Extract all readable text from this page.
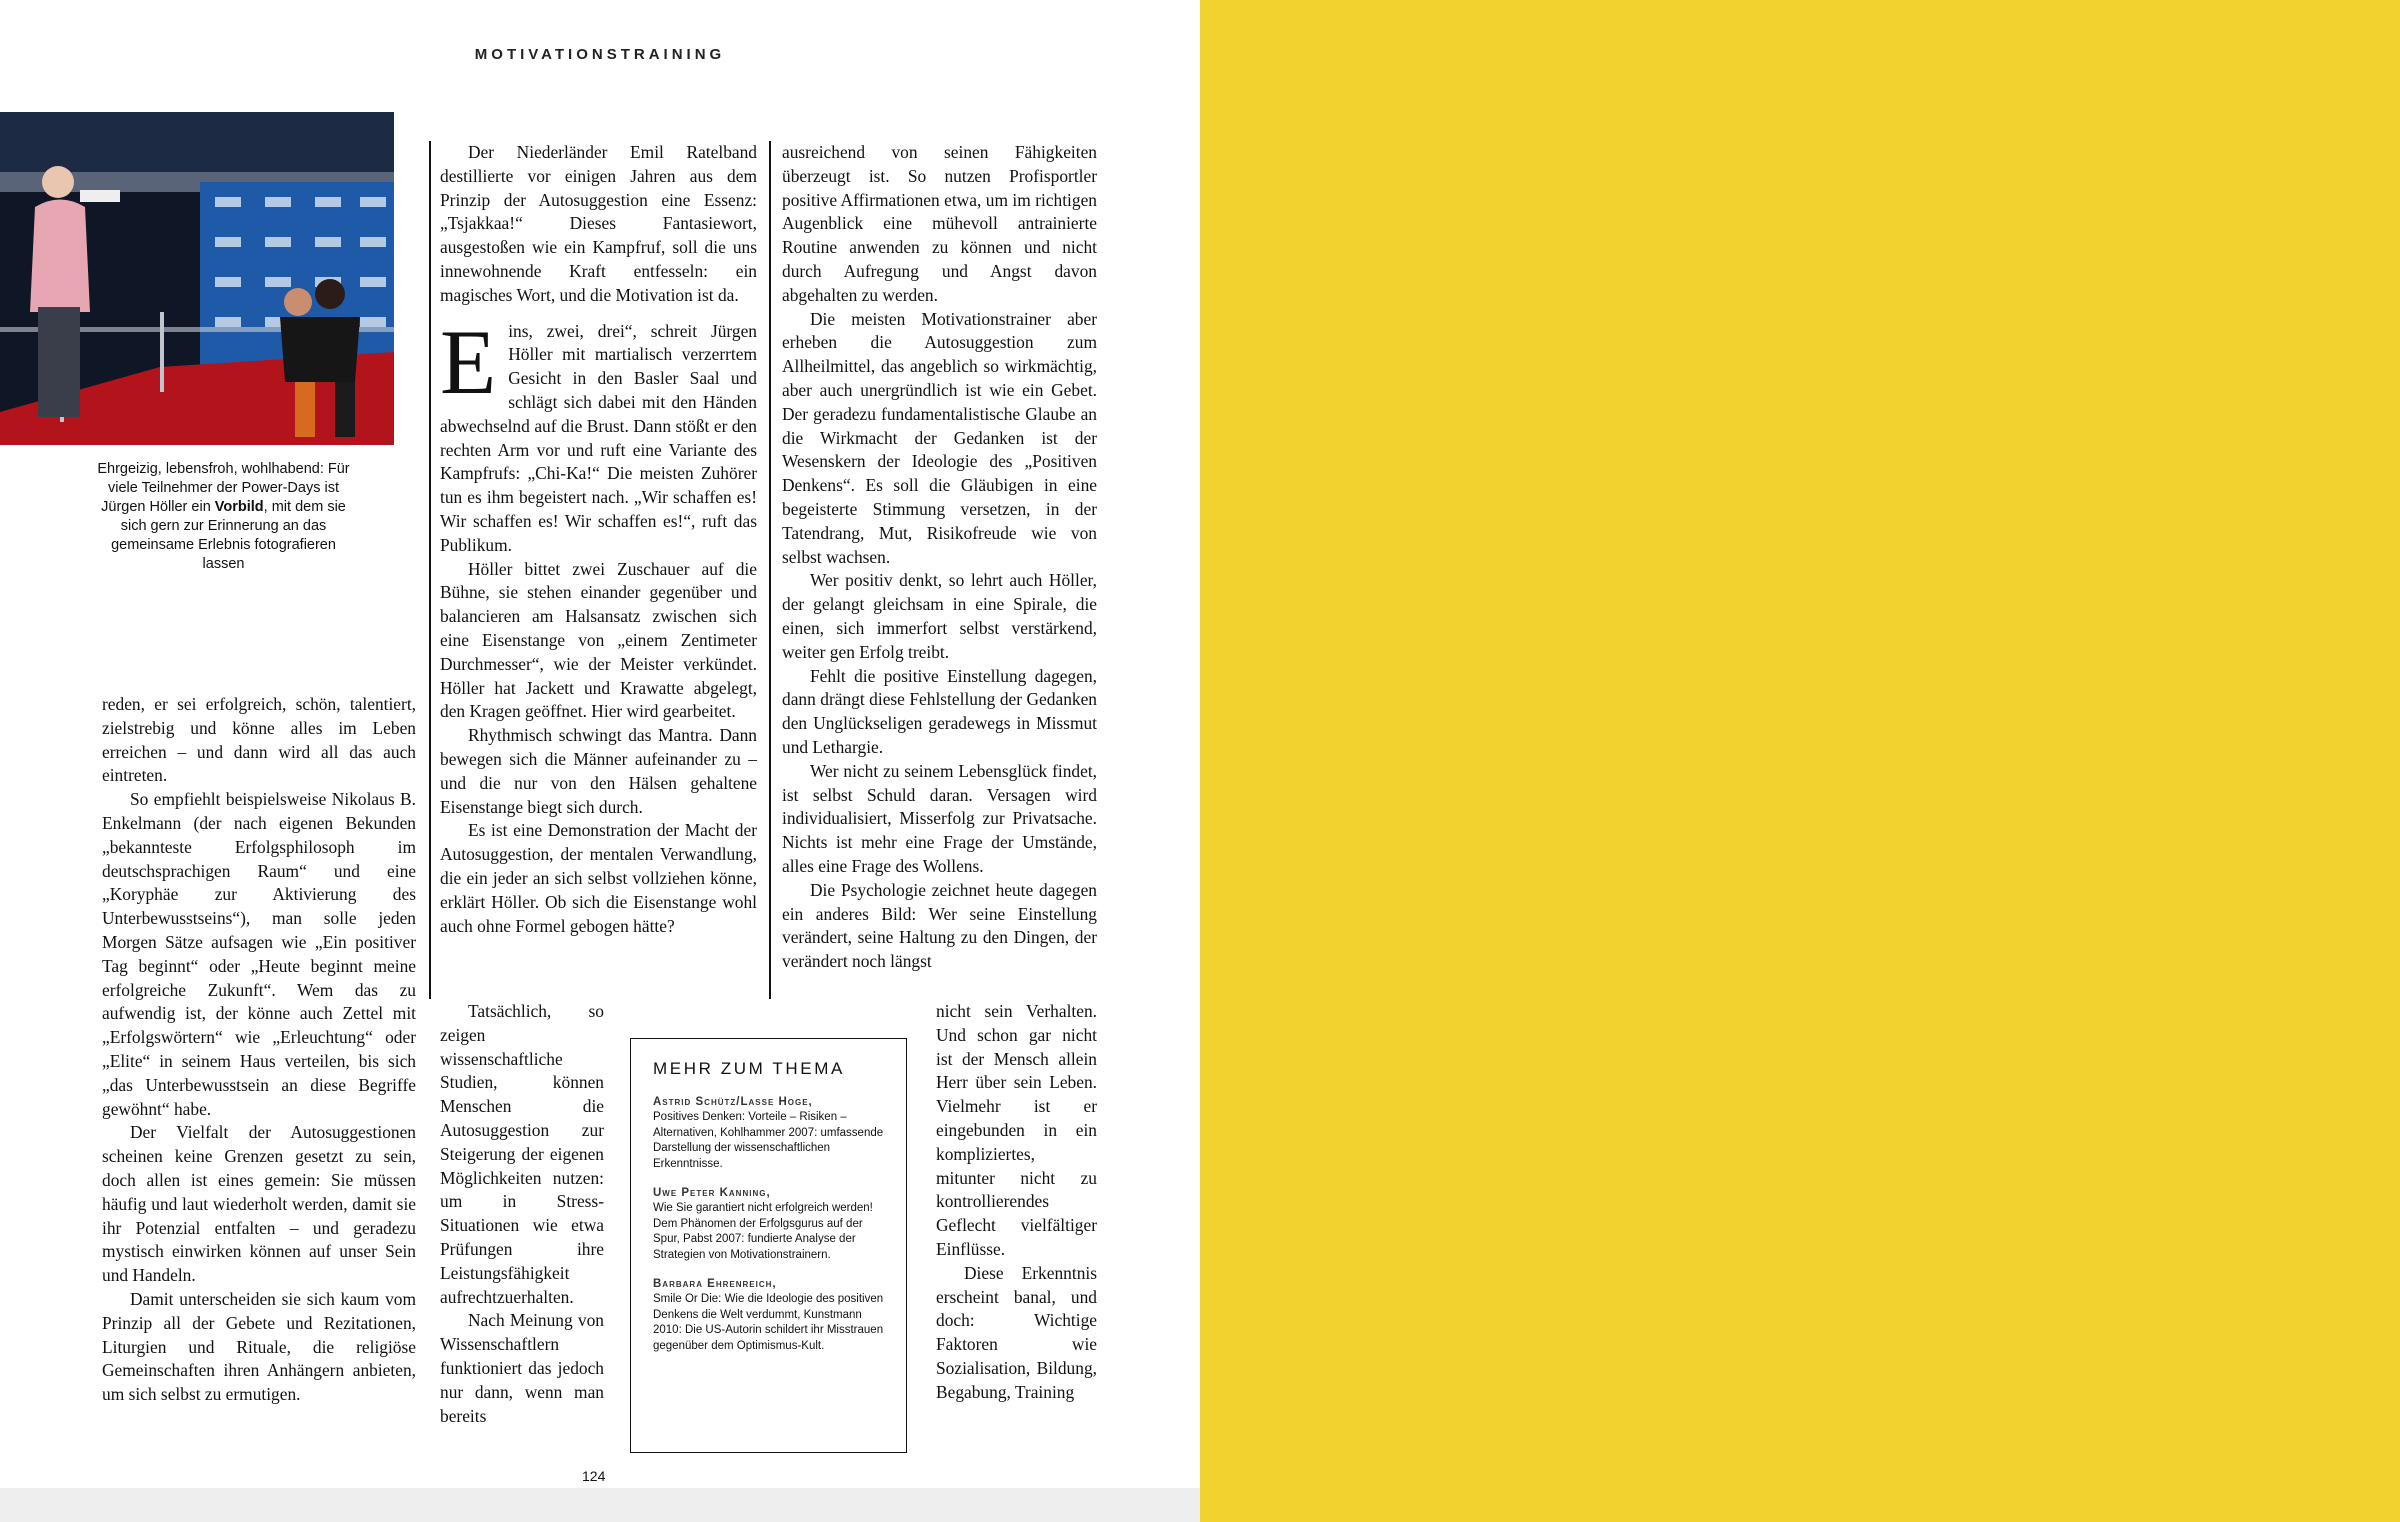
MOTIVATIONSTRAINING
Ehrgeizig, lebensfroh, wohlhabend: Für viele Teilnehmer der Power-Days ist Jürgen Höller ein Vorbild, mit dem sie sich gern zur Erinnerung an das gemeinsame Erlebnis fotografieren lassen

reden, er sei erfolgreich, schön, talentiert, zielstrebig und könne alles im Leben erreichen – und dann wird all das auch eintreten.

So empfiehlt beispielsweise Nikolaus B. Enkelmann (der nach eigenen Bekunden „bekannteste Erfolgsphilosoph im deutschsprachigen Raum“ und eine „Koryphäe zur Aktivierung des Unterbewusstseins“), man solle jeden Morgen Sätze aufsagen wie „Ein positiver Tag beginnt“ oder „Heute beginnt meine erfolgreiche Zukunft“. Wem das zu aufwendig ist, der könne auch Zettel mit „Erfolgswörtern“ wie „Erleuchtung“ oder „Elite“ in seinem Haus verteilen, bis sich „das Unterbewusstsein an diese Begriffe gewöhnt“ habe.

Der Vielfalt der Autosuggestionen scheinen keine Grenzen gesetzt zu sein, doch allen ist eines gemein: Sie müssen häufig und laut wiederholt werden, damit sie ihr Potenzial entfalten – und geradezu mystisch einwirken können auf unser Sein und Handeln.

Damit unterscheiden sie sich kaum vom Prinzip all der Gebete und Rezitationen, Liturgien und Rituale, die religiöse Gemeinschaften ihren Anhängern anbieten, um sich selbst zu ermutigen.

Der Niederländer Emil Ratelband destillierte vor einigen Jahren aus dem Prinzip der Autosuggestion eine Essenz: „Tsjakkaa!“ Dieses Fantasiewort, ausgestoßen wie ein Kampfruf, soll die uns innewohnende Kraft entfesseln: ein magisches Wort, und die Motivation ist da.

Eins, zwei, drei“, schreit Jürgen Höller mit martialisch verzerrtem Gesicht in den Basler Saal und schlägt sich dabei mit den Händen abwechselnd auf die Brust. Dann stößt er den rechten Arm vor und ruft eine Variante des Kampfrufs: „Chi-Ka!“ Die meisten Zuhörer tun es ihm begeistert nach. „Wir schaffen es! Wir schaffen es! Wir schaffen es!“, ruft das Publikum.

Höller bittet zwei Zuschauer auf die Bühne, sie stehen einander gegenüber und balancieren am Halsansatz zwischen sich eine Eisenstange von „einem Zentimeter Durchmesser“, wie der Meister verkündet. Höller hat Jackett und Krawatte abgelegt, den Kragen geöffnet. Hier wird gearbeitet.

Rhythmisch schwingt das Mantra. Dann bewegen sich die Männer aufeinander zu – und die nur von den Hälsen gehaltene Eisenstange biegt sich durch.

Es ist eine Demonstration der Macht der Autosuggestion, der mentalen Verwandlung, die ein jeder an sich selbst vollziehen könne, erklärt Höller. Ob sich die Eisenstange wohl auch ohne Formel gebogen hätte?

Tatsächlich, so zeigen wissenschaftliche Studien, können Menschen die Autosuggestion zur Steigerung der eigenen Möglichkeiten nutzen: um in Stress-Situationen wie etwa Prüfungen ihre Leistungsfähigkeit aufrechtzuerhalten.

Nach Meinung von Wissenschaftlern funktioniert das jedoch nur dann, wenn man bereits

ausreichend von seinen Fähigkeiten überzeugt ist. So nutzen Profisportler positive Affirmationen etwa, um im richtigen Augenblick eine mühevoll antrainierte Routine anwenden zu können und nicht durch Aufregung und Angst davon abgehalten zu werden.

Die meisten Motivationstrainer aber erheben die Autosuggestion zum Allheilmittel, das angeblich so wirkmächtig, aber auch unergründlich ist wie ein Gebet. Der geradezu fundamentalistische Glaube an die Wirkmacht der Gedanken ist der Wesenskern der Ideologie des „Positiven Denkens“. Es soll die Gläubigen in eine begeisterte Stimmung versetzen, in der Tatendrang, Mut, Risikofreude wie von selbst wachsen.

Wer positiv denkt, so lehrt auch Höller, der gelangt gleichsam in eine Spirale, die einen, sich immerfort selbst verstärkend, weiter gen Erfolg treibt.

Fehlt die positive Einstellung dagegen, dann drängt diese Fehlstellung der Gedanken den Unglückseligen geradewegs in Missmut und Lethargie.

Wer nicht zu seinem Lebensglück findet, ist selbst Schuld daran. Versagen wird individualisiert, Misserfolg zur Privatsache. Nichts ist mehr eine Frage der Umstände, alles eine Frage des Wollens.

Die Psychologie zeichnet heute dagegen ein anderes Bild: Wer seine Einstellung verändert, seine Haltung zu den Dingen, der verändert noch längst

nicht sein Verhalten. Und schon gar nicht ist der Mensch allein Herr über sein Leben. Vielmehr ist er eingebunden in ein kompliziertes, mitunter nicht zu kontrollierendes Geflecht vielfältiger Einflüsse.

Diese Erkenntnis erscheint banal, und doch: Wichtige Faktoren wie Sozialisation, Bildung, Begabung, Training

MEHR ZUM THEMA
Astrid Schütz/Lasse Hoge,
Positives Denken: Vorteile – Risiken – Alternativen, Kohlhammer 2007: umfassende Darstellung der wissenschaftlichen Erkenntnisse.
Uwe Peter Kanning,
Wie Sie garantiert nicht erfolgreich werden! Dem Phänomen der Erfolgsgurus auf der Spur, Pabst 2007: fundierte Analyse der Strategien von Motivationstrainern.
Barbara Ehrenreich,
Smile Or Die: Wie die Ideologie des positiven Denkens die Welt verdummt, Kunstmann 2010: Die US-Autorin schildert ihr Misstrauen gegenüber dem Optimismus-Kult.
124
